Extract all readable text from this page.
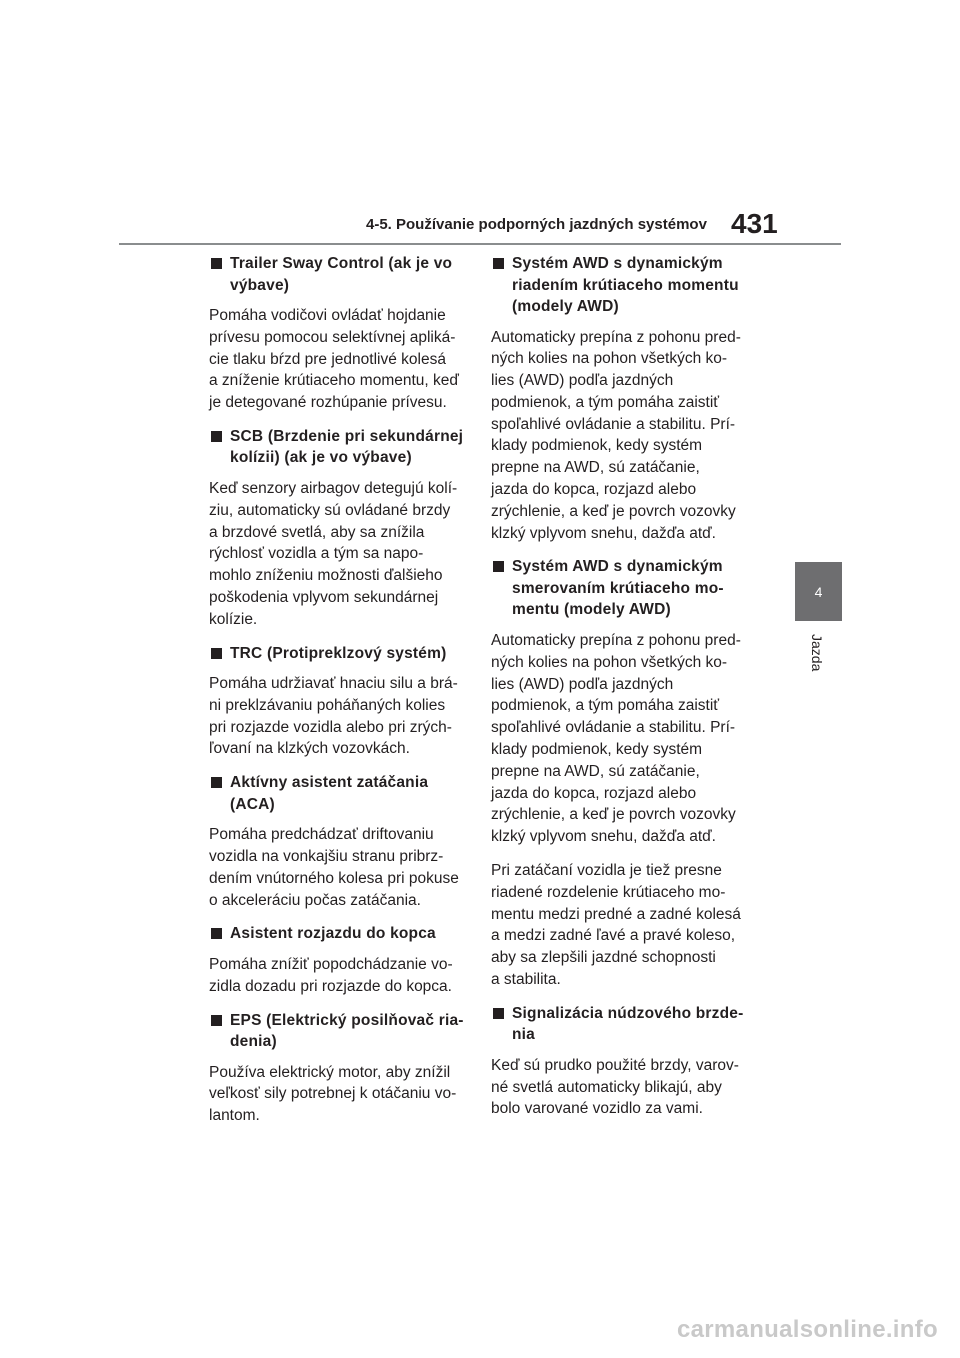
4-5. Používanie podporných jazdných systémov 431
4
Jazda
Trailer Sway Control (ak je vo
výbave)

Pomáha vodičovi ovládať hojdanie
prívesu pomocou selektívnej apliká-
cie tlaku bŕzd pre jednotlivé kolesá
a zníženie krútiaceho momentu, keď
je detegované rozhúpanie prívesu.

SCB (Brzdenie pri sekundárnej
kolízii) (ak je vo výbave)

Keď senzory airbagov detegujú kolí-
ziu, automaticky sú ovládané brzdy
a brzdové svetlá, aby sa znížila
rýchlosť vozidla a tým sa napo-
mohlo zníženiu možnosti ďalšieho
poškodenia vplyvom sekundárnej
kolízie.

TRC (Protipreklzový systém)

Pomáha udržiavať hnaciu silu a brá-
ni preklzávaniu poháňaných kolies
pri rozjazde vozidla alebo pri zrých-
ľovaní na klzkých vozovkách.

Aktívny asistent zatáčania
(ACA)

Pomáha predchádzať driftovaniu
vozidla na vonkajšiu stranu pribrz-
dením vnútorného kolesa pri pokuse
o akceleráciu počas zatáčania.

Asistent rozjazdu do kopca

Pomáha znížiť popodchádzanie vo-
zidla dozadu pri rozjazde do kopca.

EPS (Elektrický posilňovač ria-
denia)

Používa elektrický motor, aby znížil
veľkosť sily potrebnej k otáčaniu vo-
lantom.

Systém AWD s dynamickým
riadením krútiaceho momentu
(modely AWD)

Automaticky prepína z pohonu pred-
ných kolies na pohon všetkých ko-
lies (AWD) podľa jazdných
podmienok, a tým pomáha zaistiť
spoľahlivé ovládanie a stabilitu. Prí-
klady podmienok, kedy systém
prepne na AWD, sú zatáčanie,
jazda do kopca, rozjazd alebo
zrýchlenie, a keď je povrch vozovky
klzký vplyvom snehu, dažďa atď.

Systém AWD s dynamickým
smerovaním krútiaceho mo-
mentu (modely AWD)

Automaticky prepína z pohonu pred-
ných kolies na pohon všetkých ko-
lies (AWD) podľa jazdných
podmienok, a tým pomáha zaistiť
spoľahlivé ovládanie a stabilitu. Prí-
klady podmienok, kedy systém
prepne na AWD, sú zatáčanie,
jazda do kopca, rozjazd alebo
zrýchlenie, a keď je povrch vozovky
klzký vplyvom snehu, dažďa atď.

Pri zatáčaní vozidla je tiež presne
riadené rozdelenie krútiaceho mo-
mentu medzi predné a zadné kolesá
a medzi zadné ľavé a pravé koleso,
aby sa zlepšili jazdné schopnosti
a stabilita.

Signalizácia núdzového brzde-
nia

Keď sú prudko použité brzdy, varov-
né svetlá automaticky blikajú, aby
bolo varované vozidlo za vami.

carmanualsonline.info
